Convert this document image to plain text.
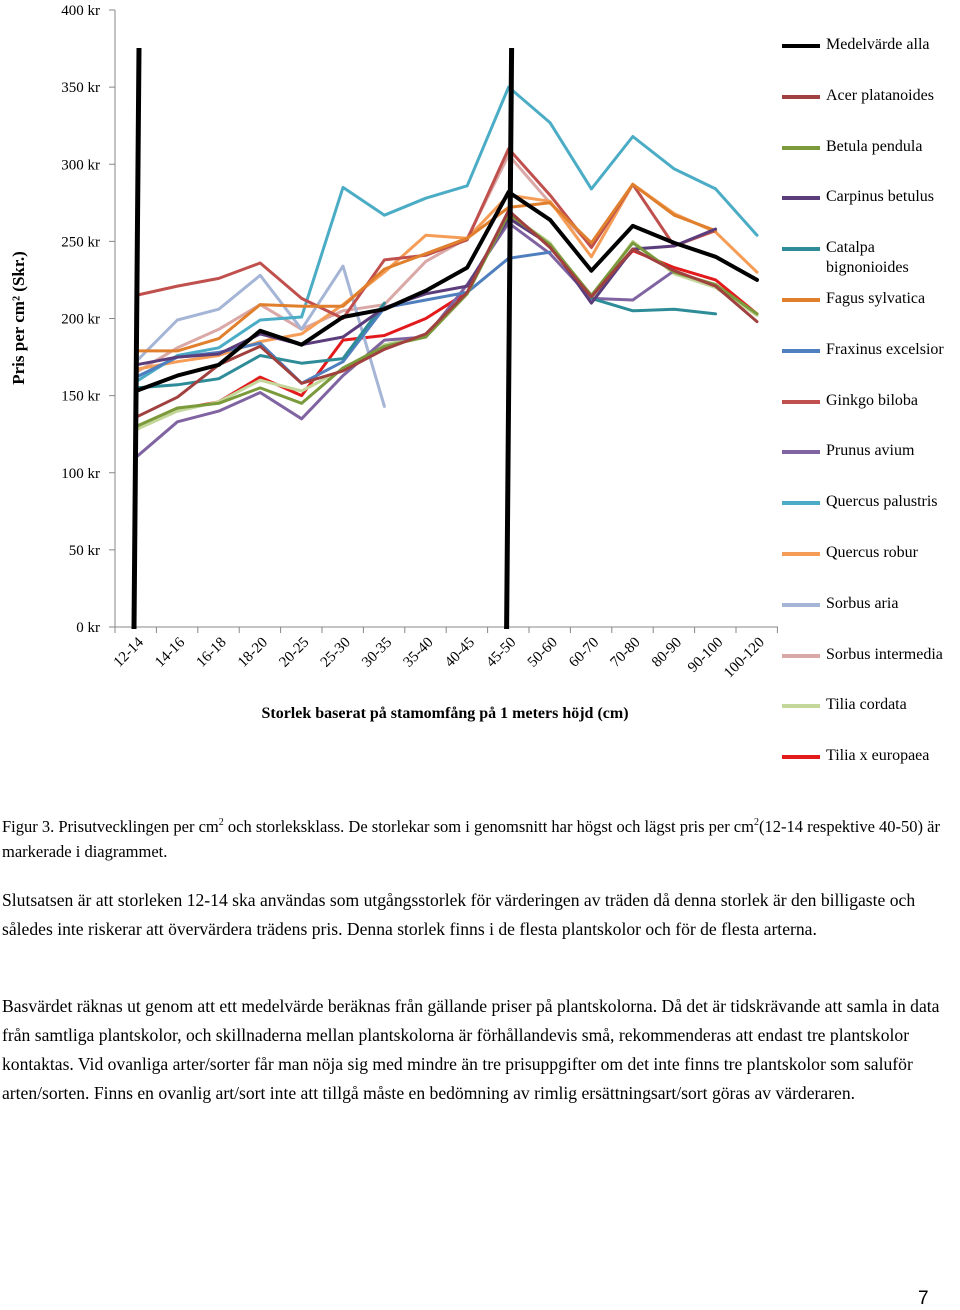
Pris per cm² (Skr.)
0 kr
50 kr
100 kr
150 kr
200 kr
250 kr
300 kr
350 kr
400 kr
12-14 14-16 16-18 18-20 20-25 25-30 30-35 35-40 40-45 45-50 50-60 60-70 70-80 80-90 90-100
100-120
Storlek baserat på stamomfång på 1 meters höjd (cm)
Medelvärde alla
Acer platanoides
Betula pendula
Carpinus betulus
Catalpa bignonioides
Fagus sylvatica
Fraxinus excelsior
Ginkgo biloba
Prunus avium
Quercus palustris
Quercus robur
Sorbus aria
Sorbus intermedia
Tilia cordata
Tilia x europaea
Figur 3. Prisutvecklingen per $cm^2$ och storleksklass. De storlekar som i genomsnitt har högst och lägst pris per $cm^2(12-14$ respektive 40-50) är markerade i diagrammet.

Slutsatsen är att storleken 12-14 ska användas som utgångsstorlek för värderingen av träden då denna storlek är den billigaste och således inte riskerar att övervärdera trädens pris. Denna storlek finns i de flesta plantskolor och för de flesta arterna.

Basvärdet räknas ut genom att ett medelvärde beräknas från gällande priser på plantskolorna. Då det är tidskrävande att samla in data från samtliga plantskolor, och skillnaderna mellan plantskolorna är förhållandevis små, rekommenderas att endast tre plantskolor kontaktas. Vid ovanliga arter/sorter får man nöja sig med mindre än tre prisuppgifter om det inte finns tre plantskolor som saluför arten/sorten. Finns en ovanlig art/sort inte att tillgå måste en bedömning av rimlig ersättningsart/sort göras av värderaren.

7
